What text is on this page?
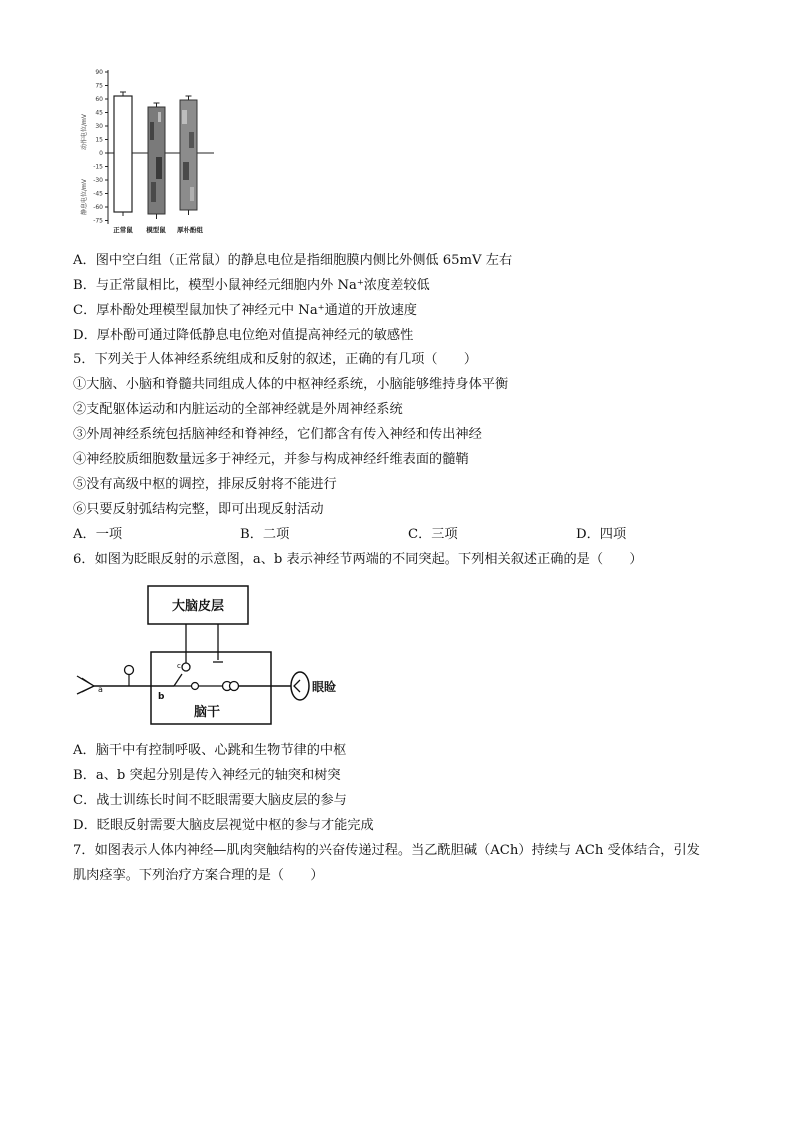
90
75
60
45
30
15
0
-15
-30
-45
-60
-75
动作电位/mV
静息电位/mV
正常鼠 模型鼠 厚朴酚组
A．图中空白组（正常鼠）的静息电位是指细胞膜内侧比外侧低 65mV 左右
B．与正常鼠相比，模型小鼠神经元细胞内外 Na⁺浓度差较低
C．厚朴酚处理模型鼠加快了神经元中 Na⁺通道的开放速度
D．厚朴酚可通过降低静息电位绝对值提高神经元的敏感性
5．下列关于人体神经系统组成和反射的叙述，正确的有几项（　　）
①大脑、小脑和脊髓共同组成人体的中枢神经系统，小脑能够维持身体平衡
②支配躯体运动和内脏运动的全部神经就是外周神经系统
③外周神经系统包括脑神经和脊神经，它们都含有传入神经和传出神经
④神经胶质细胞数量远多于神经元，并参与构成神经纤维表面的髓鞘
⑤没有高级中枢的调控，排尿反射将不能进行
⑥只要反射弧结构完整，即可出现反射活动
A．一项	B．二项	C．三项	D．四项
6．如图为眨眼反射的示意图，a、b 表示神经节两端的不同突起。下列相关叙述正确的是（　　）
大脑皮层
脑干
c
a
b
眼睑
A．脑干中有控制呼吸、心跳和生物节律的中枢
B．a、b 突起分别是传入神经元的轴突和树突
C．战士训练长时间不眨眼需要大脑皮层的参与
D．眨眼反射需要大脑皮层视觉中枢的参与才能完成
7．如图表示人体内神经—肌肉突触结构的兴奋传递过程。当乙酰胆碱（ACh）持续与 ACh 受体结合，引发
肌肉痉挛。下列治疗方案合理的是（　　）
